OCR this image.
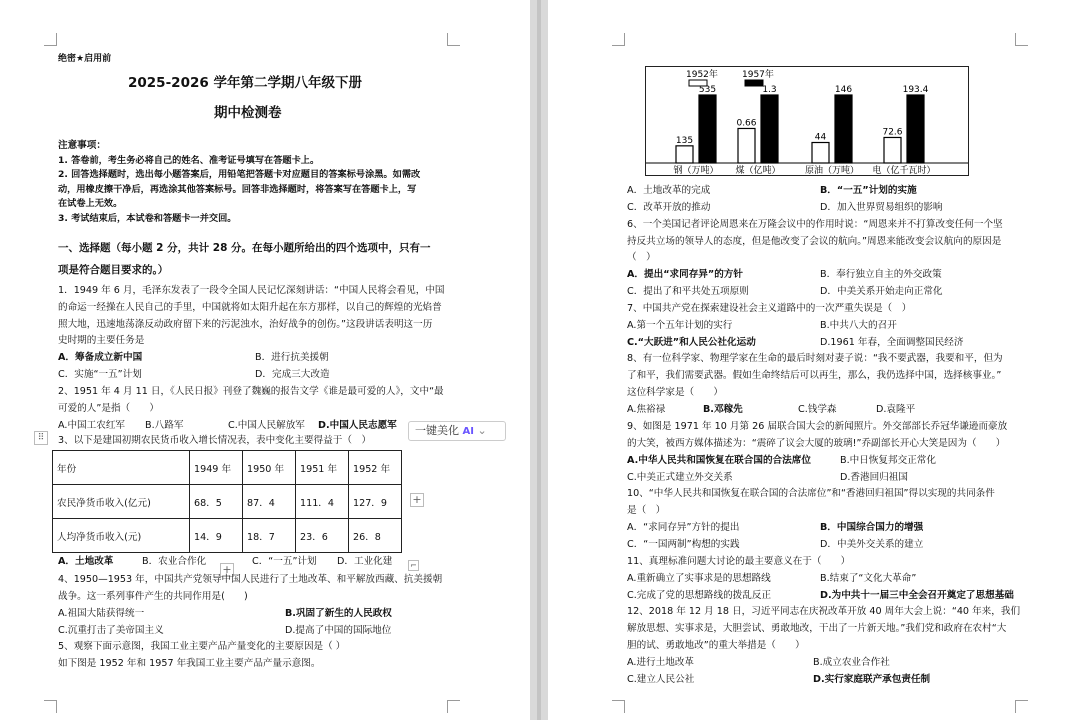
绝密★启用前
2025-2026 学年第二学期八年级下册
期中检测卷
注意事项：
1. 答卷前，考生务必将自己的姓名、准考证号填写在答题卡上。
2. 回答选择题时，选出每小题答案后，用铅笔把答题卡对应题目的答案标号涂黑。如需改
动，用橡皮擦干净后，再选涂其他答案标号。回答非选择题时，将答案写在答题卡上，写
在试卷上无效。
3. 考试结束后，本试卷和答题卡一并交回。
一、选择题（每小题 2 分，共计 28 分。在每小题所给出的四个选项中，只有一
项是符合题目要求的。）
1．1949 年 6 月，毛泽东发表了一段令全国人民记忆深刻讲话：“中国人民将会看见，中国
的命运一经操在人民自己的手里，中国就将如太阳升起在东方那样，以自己的辉煌的光焰普
照大地，迅速地荡涤反动政府留下来的污泥浊水，治好战争的创伤。”这段讲话表明这一历
史时期的主要任务是
A．筹备成立新中国	B．进行抗美援朝
C．实施“一五”计划	D．完成三大改造
2、1951 年 4 月 11 日，《人民日报》刊登了魏巍的报告文学《谁是最可爱的人》，文中“最
可爱的人”是指（　　）
A.中国工农红军 B.八路军	C.中国人民解放军 D.中国人民志愿军
⠿	3、以下是建国初期农民货币收入增长情况表，表中变化主要得益于（　）
一键美化 AI ⌄
年份	1949 年	1950 年	1951 年	1952 年
农民净货币收入(亿元)	68．5	87．4	111．4	127．9
人均净货币收入(元)	14．9	18．7	23．6	26．8
+
+	⌐
A．土地改革	B．农业合作化	C．“一五”计划 D．工业化建
4、1950—1953 年，中国共产党领导中国人民进行了土地改革、和平解放西藏、抗美援朝
战争。这一系列事件产生的共同作用是(　　)
A.祖国大陆获得统一	B.巩固了新生的人民政权
C.沉重打击了美帝国主义	D.提高了中国的国际地位
5、观察下面示意图，我国工业主要产品产量变化的主要原因是（ ）
如下图是 1952 年和 1957 年我国工业主要产品产量示意图。
1952年	1957年
135
535
钢（万吨）
0.66
1.3
煤（亿吨）
44
146
原油（万吨）
72.6
193.4
电（亿千瓦时）
A．土地改革的完成	B．“一五”计划的实施
C．改革开放的推动	D．加入世界贸易组织的影响
6、一个美国记者评论周恩来在万隆会议中的作用时说：“周恩来并不打算改变任何一个坚
持反共立场的领导人的态度，但是他改变了会议的航向。”周恩来能改变会议航向的原因是
（　）
A．提出“求同存异”的方针	B．奉行独立自主的外交政策
C．提出了和平共处五项原则	D．中美关系开始走向正常化
7、中国共产党在探索建设社会主义道路中的一次严重失误是（　）
A.第一个五年计划的实行	B.中共八大的召开
C.“大跃进”和人民公社化运动	D.1961 年春，全面调整国民经济
8、有一位科学家、物理学家在生命的最后时刻对妻子说：“我不要武器，我要和平，但为
了和平，我们需要武器。假如生命终结后可以再生，那么，我仍选择中国，选择核事业。”
这位科学家是（　　）
A.焦裕禄	B.邓稼先	C.钱学森	D.袁隆平
9、如图是 1971 年 10 月第 26 届联合国大会的新闻照片。外交部部长乔冠华谦逊而豪放
的大笑，被西方媒体描述为：“震碎了议会大厦的玻璃!”乔副部长开心大笑是因为（　　）
A.中华人民共和国恢复在联合国的合法席位	B.中日恢复邦交正常化
C.中美正式建立外交关系	D.香港回归祖国
10、“中华人民共和国恢复在联合国的合法席位”和“香港回归祖国”得以实现的共同条件
是（　）
A．“求同存异”方针的提出	B．中国综合国力的增强
C．“一国两制”构想的实践	D．中美外交关系的建立
11、真理标准问题大讨论的最主要意义在于（　　）
A.重新确立了实事求是的思想路线	B.结束了“文化大革命”
C.完成了党的思想路线的拨乱反正	D.为中共十一届三中全会召开奠定了思想基础
12、2018 年 12 月 18 日，习近平同志在庆祝改革开放 40 周年大会上说：“40 年来，我们
解放思想、实事求是，大胆尝试、勇敢地改，干出了一片新天地。”我们党和政府在农村“大
胆的试、勇敢地改”的重大举措是（　　）
A.进行土地改革	B.成立农业合作社
C.建立人民公社	D.实行家庭联产承包责任制
